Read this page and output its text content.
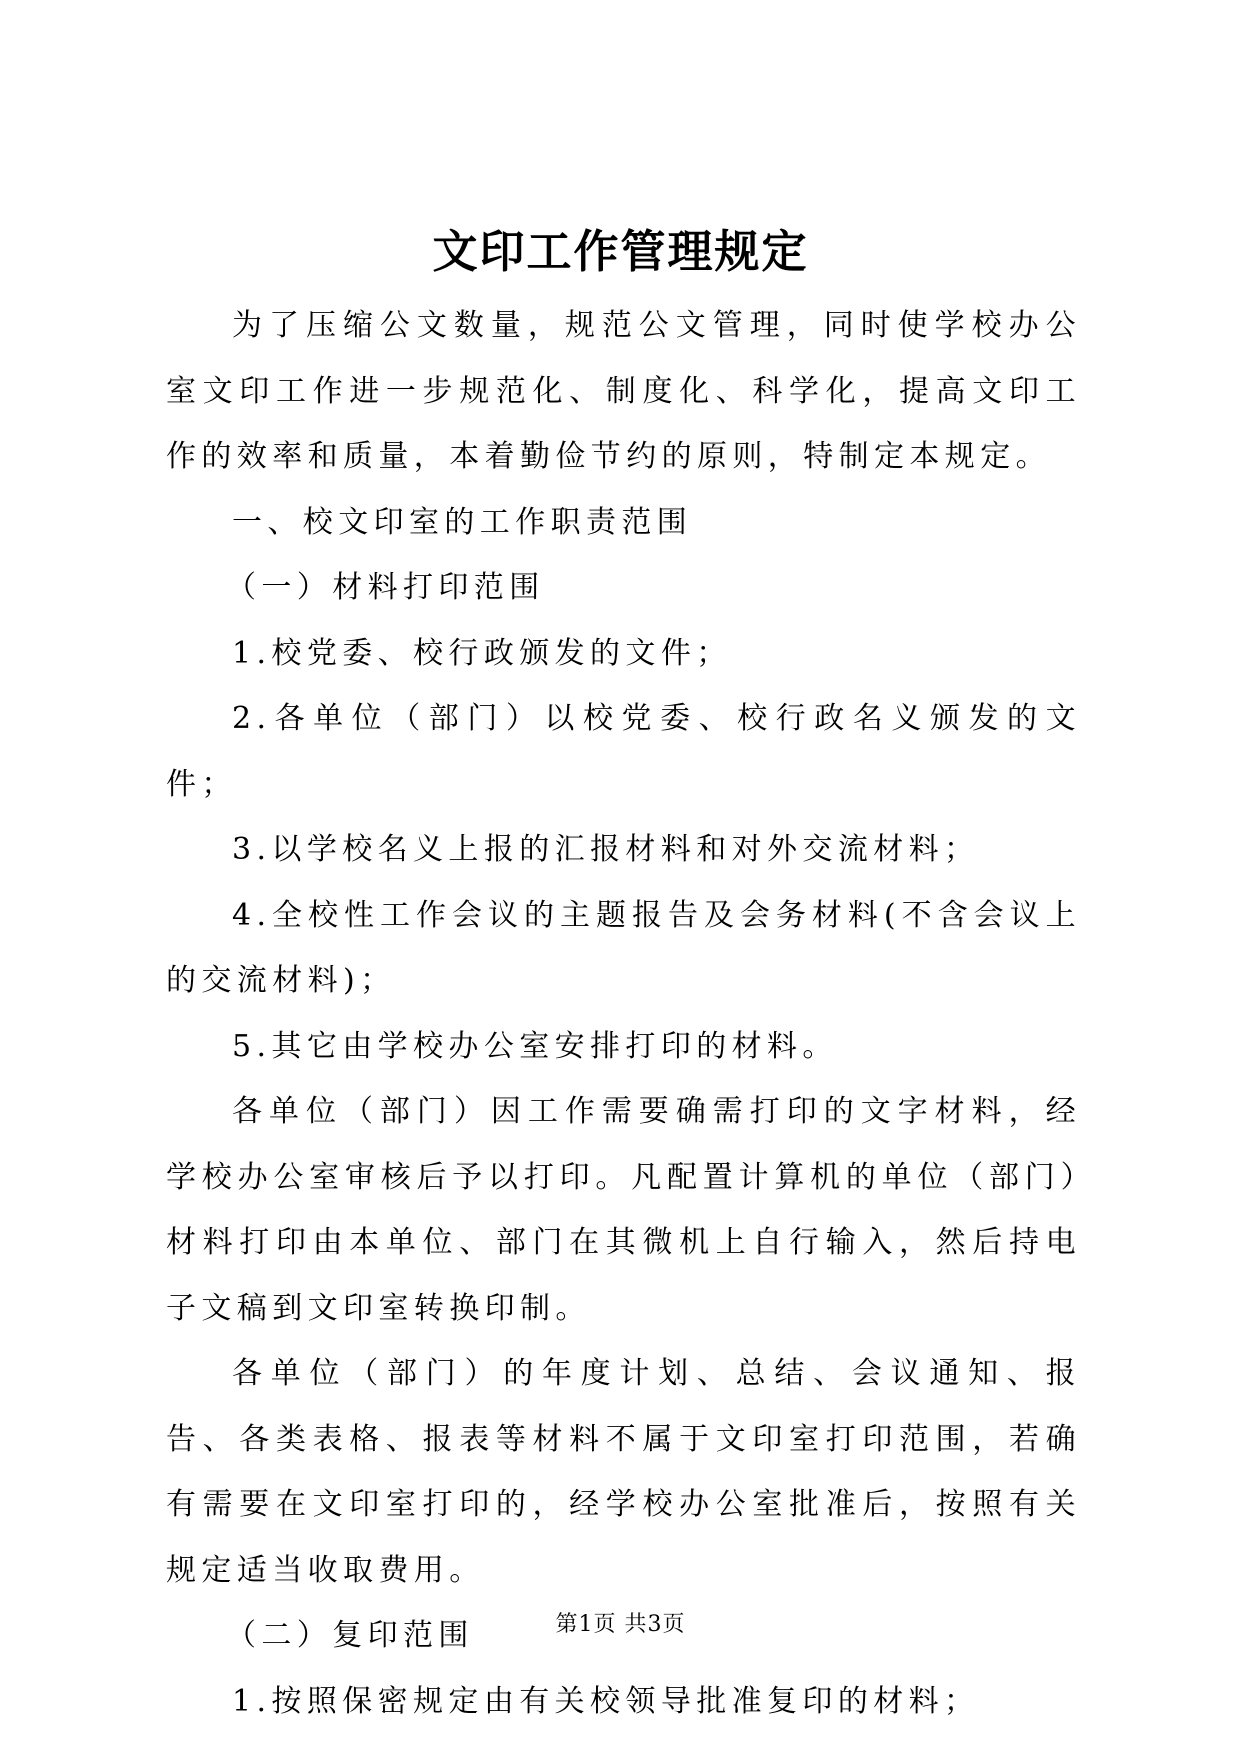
文印工作管理规定

为了压缩公文数量，规范公文管理，同时使学校办公室文印工作进一步规范化、制度化、科学化，提高文印工作的效率和质量，本着勤俭节约的原则，特制定本规定。

一、校文印室的工作职责范围

（一）材料打印范围

1.校党委、校行政颁发的文件；

2.各单位（部门）以校党委、校行政名义颁发的文件；

3.以学校名义上报的汇报材料和对外交流材料；

4.全校性工作会议的主题报告及会务材料(不含会议上的交流材料)；

5.其它由学校办公室安排打印的材料。

各单位（部门）因工作需要确需打印的文字材料，经学校办公室审核后予以打印。凡配置计算机的单位（部门）材料打印由本单位、部门在其微机上自行输入，然后持电子文稿到文印室转换印制。

各单位（部门）的年度计划、总结、会议通知、报告、各类表格、报表等材料不属于文印室打印范围，若确有需要在文印室打印的，经学校办公室批准后，按照有关规定适当收取费用。

（二）复印范围

1.按照保密规定由有关校领导批准复印的材料；

第1页 共3页
